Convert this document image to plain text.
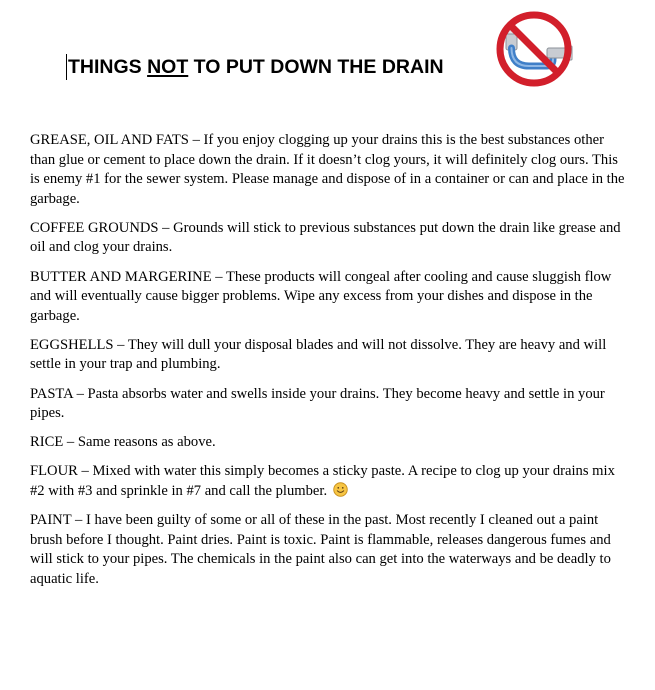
THINGS NOT TO PUT DOWN THE DRAIN

GREASE, OIL AND FATS – If you enjoy clogging up your drains this is the best substances other than glue or cement to place down the drain. If it doesn’t clog yours, it will definitely clog ours. This is enemy #1 for the sewer system. Please manage and dispose of in a container or can and place in the garbage.

COFFEE GROUNDS – Grounds will stick to previous substances put down the drain like grease and oil and clog your drains.

BUTTER AND MARGERINE – These products will congeal after cooling and cause sluggish flow and will eventually cause bigger problems. Wipe any excess from your dishes and dispose in the garbage.

EGGSHELLS – They will dull your disposal blades and will not dissolve. They are heavy and will settle in your trap and plumbing.

PASTA – Pasta absorbs water and swells inside your drains. They become heavy and settle in your pipes.

RICE – Same reasons as above.

FLOUR – Mixed with water this simply becomes a sticky paste. A recipe to clog up your drains mix #2 with #3 and sprinkle in #7 and call the plumber.

PAINT – I have been guilty of some or all of these in the past. Most recently I cleaned out a paint brush before I thought. Paint dries. Paint is toxic. Paint is flammable, releases dangerous fumes and will stick to your pipes. The chemicals in the paint also can get into the waterways and be deadly to aquatic life.
